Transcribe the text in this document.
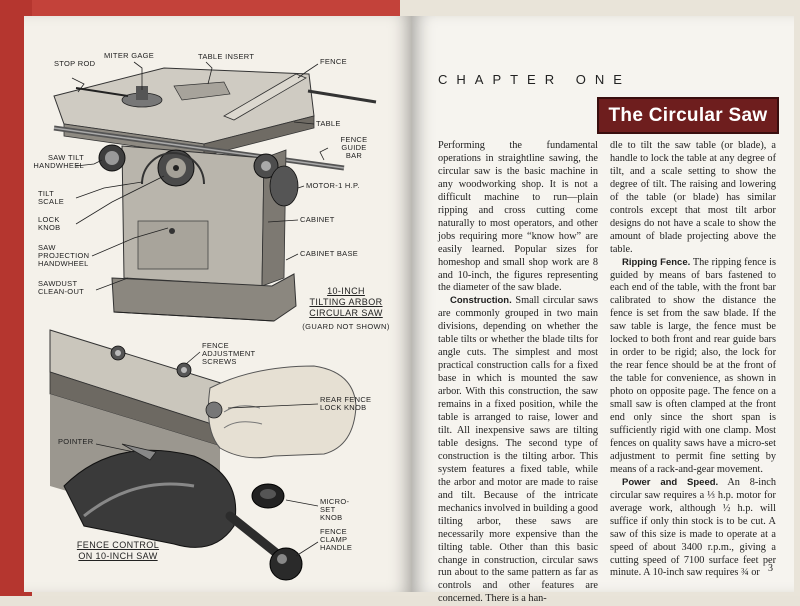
STOP ROD
MITER GAGE	TABLE INSERT
FENCE
TABLE
FENCE GUIDE BAR
SAW TILT HANDWHEEL
TILT SCALE
MOTOR-1 H.P.
LOCK KNOB
CABINET
SAW PROJECTION HANDWHEEL
CABINET BASE
SAWDUST CLEAN-OUT	10-INCH
TILTING ARBOR
CIRCULAR SAW
(GUARD NOT SHOWN)
FENCE ADJUSTMENT SCREWS
REAR FENCE LOCK KNOB
POINTER
MICRO-SET KNOB
FENCE CLAMP HANDLE
FENCE CONTROL
ON 10-INCH SAW
CHAPTER ONE
The Circular Saw

Performing the fundamental operations in straightline sawing, the circular saw is the basic machine in any woodworking shop. It is not a difficult machine to run—plain ripping and cross cutting come naturally to most operators, and other jobs requiring more “know how” are easily learned. Popular sizes for homeshop and small shop work are 8 and 10-inch, the figures representing the diameter of the saw blade.

Construction. Small circular saws are commonly grouped in two main divisions, depending on whether the table tilts or whether the blade tilts for angle cuts. The simplest and most practical construction calls for a fixed base in which is mounted the saw arbor. With this construction, the saw remains in a fixed position, while the table is arranged to raise, lower and tilt. All inexpensive saws are tilting table designs. The second type of construction is the tilting arbor. This system features a fixed table, while the arbor and motor are made to raise and tilt. Because of the intricate mechanics involved in building a good tilting arbor, these saws are necessarily more expensive than the tilting table. Other than this basic change in construction, circular saws run about to the same pattern as far as controls and other features are concerned. There is a han-

dle to tilt the saw table (or blade), a handle to lock the table at any degree of tilt, and a scale setting to show the degree of tilt. The raising and lowering of the table (or blade) has similar controls except that most tilt arbor designs do not have a scale to show the amount of blade projecting above the table.

Ripping Fence. The ripping fence is guided by means of bars fastened to each end of the table, with the front bar calibrated to show the distance the fence is set from the saw blade. If the saw table is large, the fence must be locked to both front and rear guide bars in order to be rigid; also, the lock for the rear fence should be at the front of the table for convenience, as shown in photo on opposite page. The fence on a small saw is often clamped at the front end only since the short span is sufficiently rigid with one clamp. Most fences on quality saws have a micro-set adjustment to permit fine setting by means of a rack-and-gear movement.

Power and Speed. An 8-inch circular saw requires a ⅓ h.p. motor for average work, although ½ h.p. will suffice if only thin stock is to be cut. A saw of this size is made to operate at a speed of about 3400 r.p.m., giving a cutting speed of 7100 surface feet per minute. A 10-inch saw requires ¾ or 3
